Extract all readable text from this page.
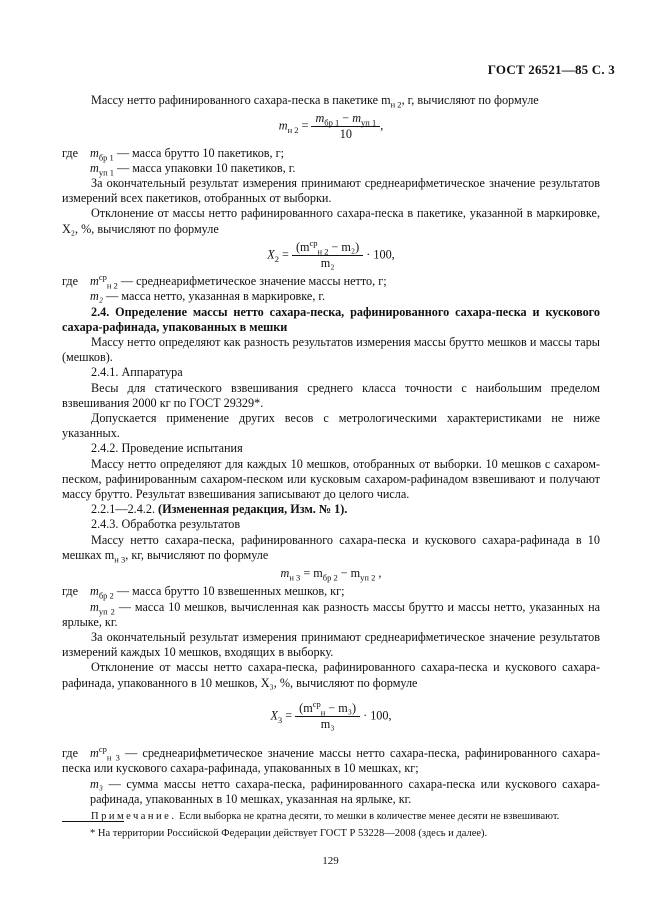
ГОСТ 26521—85 С. 3

Массу нетто рафинированного сахара-песка в пакетике $m_{н 2}$, г, вычисляют по формуле

$m_{н 2} = \frac{m_{бр 1} - m_{уп 1}}{10}$ ,

где $m_{бр 1}$ — масса брутто 10 пакетиков, г;

$m_{уп 1}$ — масса упаковки 10 пакетиков, г.

За окончательный результат измерения принимают среднеарифметическое значение результатов измерений всех пакетиков, отобранных от выборки.

Отклонение от массы нетто рафинированного сахара-песка в пакетике, указанной в маркировке, X₂, %, вычисляют по формуле

$X_2 = \frac{(m^{ср}_{н 2} - m_2)}{\text{m₂}} \cdot 100$,

где $m^{ср}_{н 2}$ — среднеарифметическое значение массы нетто, г;

m₂ — масса нетто, указанная в маркировке, г.

2.4. Определение массы нетто сахара-песка, рафинированного сахара-песка и кускового сахара-рафинада, упакованных в мешки

Массу нетто определяют как разность результатов измерения массы брутто мешков и массы тары (мешков).

2.4.1. Аппаратура

Весы для статического взвешивания среднего класса точности с наибольшим пределом взвешивания 2000 кг по ГОСТ 29329*.

Допускается применение других весов с метрологическими характеристиками не ниже указанных.

2.4.2. Проведение испытания

Массу нетто определяют для каждых 10 мешков, отобранных от выборки. 10 мешков с сахаром-песком, рафинированным сахаром-песком или кусковым сахаром-рафинадом взвешивают и получают массу брутто. Результат взвешивания записывают до целого числа.

2.2.1—2.4.2. (Измененная редакция, Изм. № 1).

2.4.3. Обработка результатов

Массу нетто сахара-песка, рафинированного сахара-песка и кускового сахара-рафинада в 10 мешках $m_{н 3}$, кг, вычисляют по формуле

$m_{н 3} = m_{бр 2} - m_{уп 2}$ ,

где $m_{бр 2}$ — масса брутто 10 взвешенных мешков, кг;

$m_{уп 2}$ — масса 10 мешков, вычисленная как разность массы брутто и массы нетто, указанных на ярлыке, кг.

За окончательный результат измерения принимают среднеарифметическое значение результатов измерений каждых 10 мешков, входящих в выборку.

Отклонение от массы нетто сахара-песка, рафинированного сахара-песка и кускового сахара-рафинада, упакованного в 10 мешков, X₃, %, вычисляют по формуле

$X_3 = \frac{(m^{ср}_н - m_3)}{\text{m₃}} \cdot 100$,

где $m^{ср}_{н 3}$ — среднеарифметическое значение массы нетто сахара-песка, рафинированного сахара-песка или кускового сахара-рафинада, упакованных в 10 мешках, кг;

m₃ — сумма массы нетто сахара-песка, рафинированного сахара-песка или кускового сахара-рафинада, упакованных в 10 мешках, указанная на ярлыке, кг.

Примечание. Если выборка не кратна десяти, то мешки в количестве менее десяти не взвешивают.

* На территории Российской Федерации действует ГОСТ Р 53228—2008 (здесь и далее).
129
